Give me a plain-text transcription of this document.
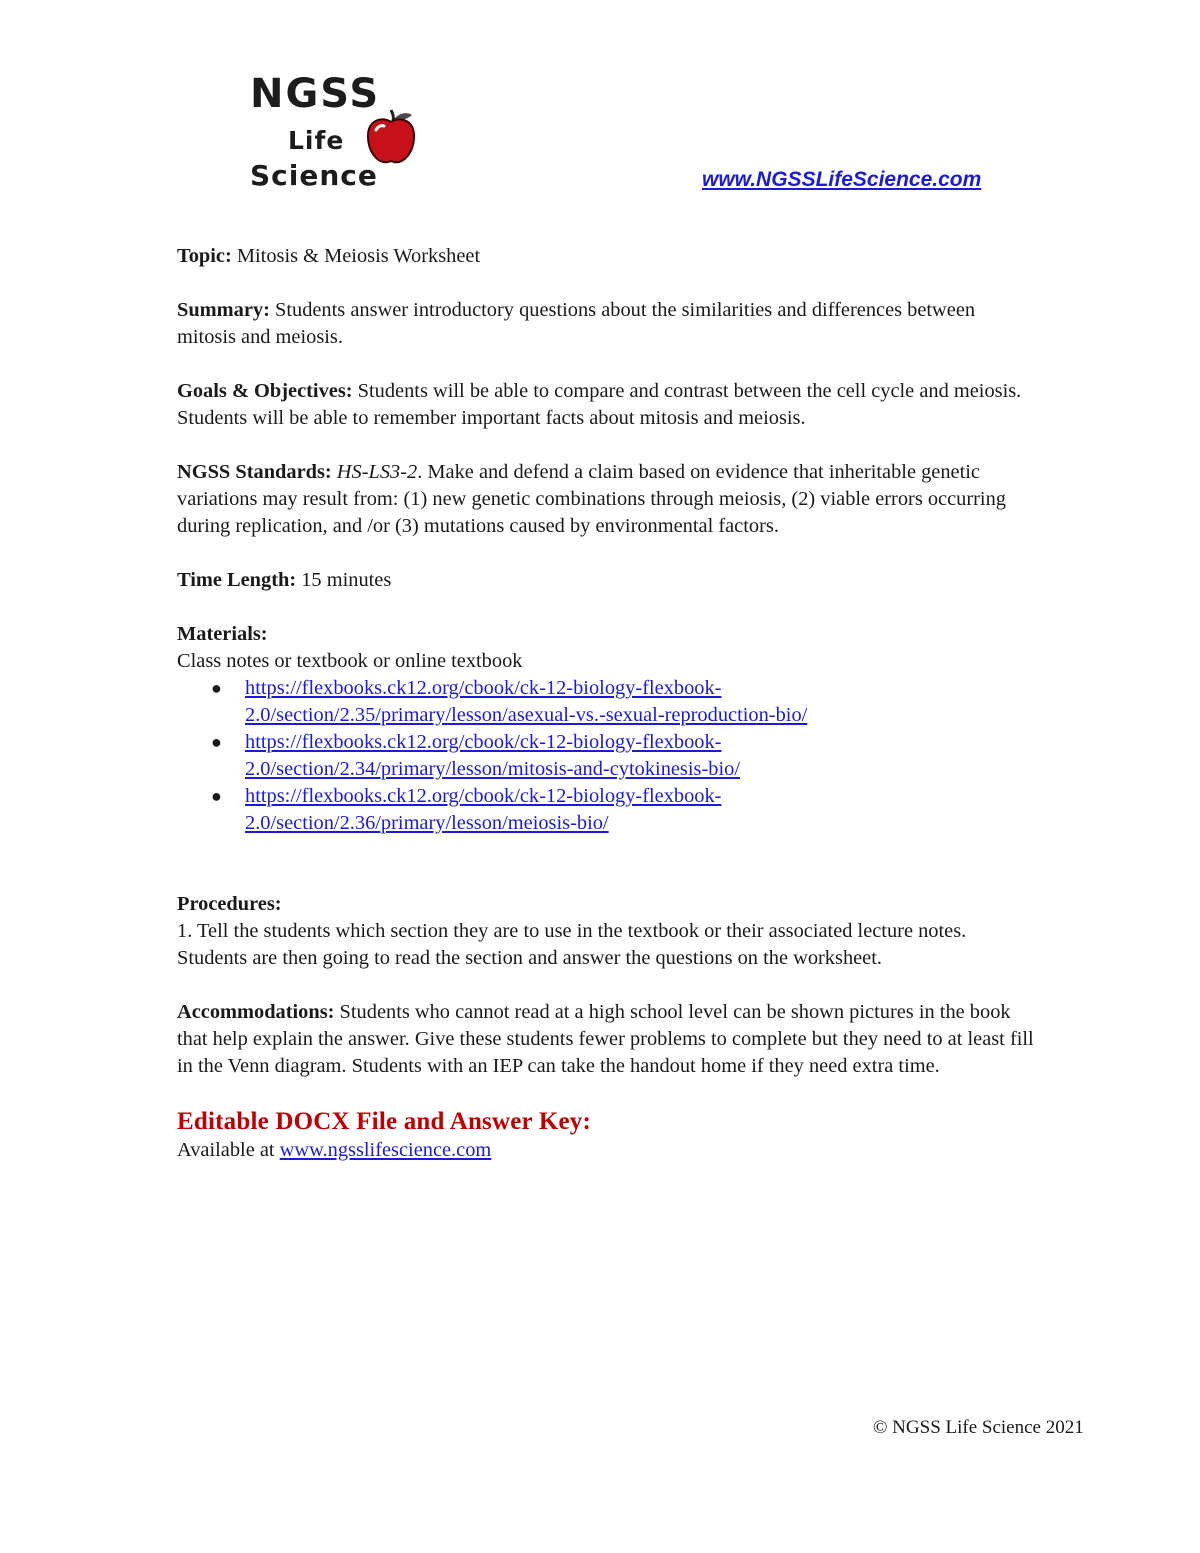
NGSS
Life
Science	www.NGSSLifeScience.com

Topic: Mitosis & Meiosis Worksheet

Summary: Students answer introductory questions about the similarities and differences between mitosis and meiosis.

Goals & Objectives: Students will be able to compare and contrast between the cell cycle and meiosis. Students will be able to remember important facts about mitosis and meiosis.

NGSS Standards: HS-LS3-2. Make and defend a claim based on evidence that inheritable genetic variations may result from: (1) new genetic combinations through meiosis, (2) viable errors occurring during replication, and /or (3) mutations caused by environmental factors.

Time Length: 15 minutes

Materials:

Class notes or textbook or online textbook

● https://flexbooks.ck12.org/cbook/ck-12-biology-flexbook-
2.0/section/2.35/primary/lesson/asexual-vs.-sexual-reproduction-bio/
● https://flexbooks.ck12.org/cbook/ck-12-biology-flexbook-
2.0/section/2.34/primary/lesson/mitosis-and-cytokinesis-bio/
● https://flexbooks.ck12.org/cbook/ck-12-biology-flexbook-
2.0/section/2.36/primary/lesson/meiosis-bio/

Procedures:

1. Tell the students which section they are to use in the textbook or their associated lecture notes. Students are then going to read the section and answer the questions on the worksheet.

Accommodations: Students who cannot read at a high school level can be shown pictures in the book that help explain the answer. Give these students fewer problems to complete but they need to at least fill in the Venn diagram. Students with an IEP can take the handout home if they need extra time.

Editable DOCX File and Answer Key:

Available at www.ngsslifescience.com

© NGSS Life Science 2021
